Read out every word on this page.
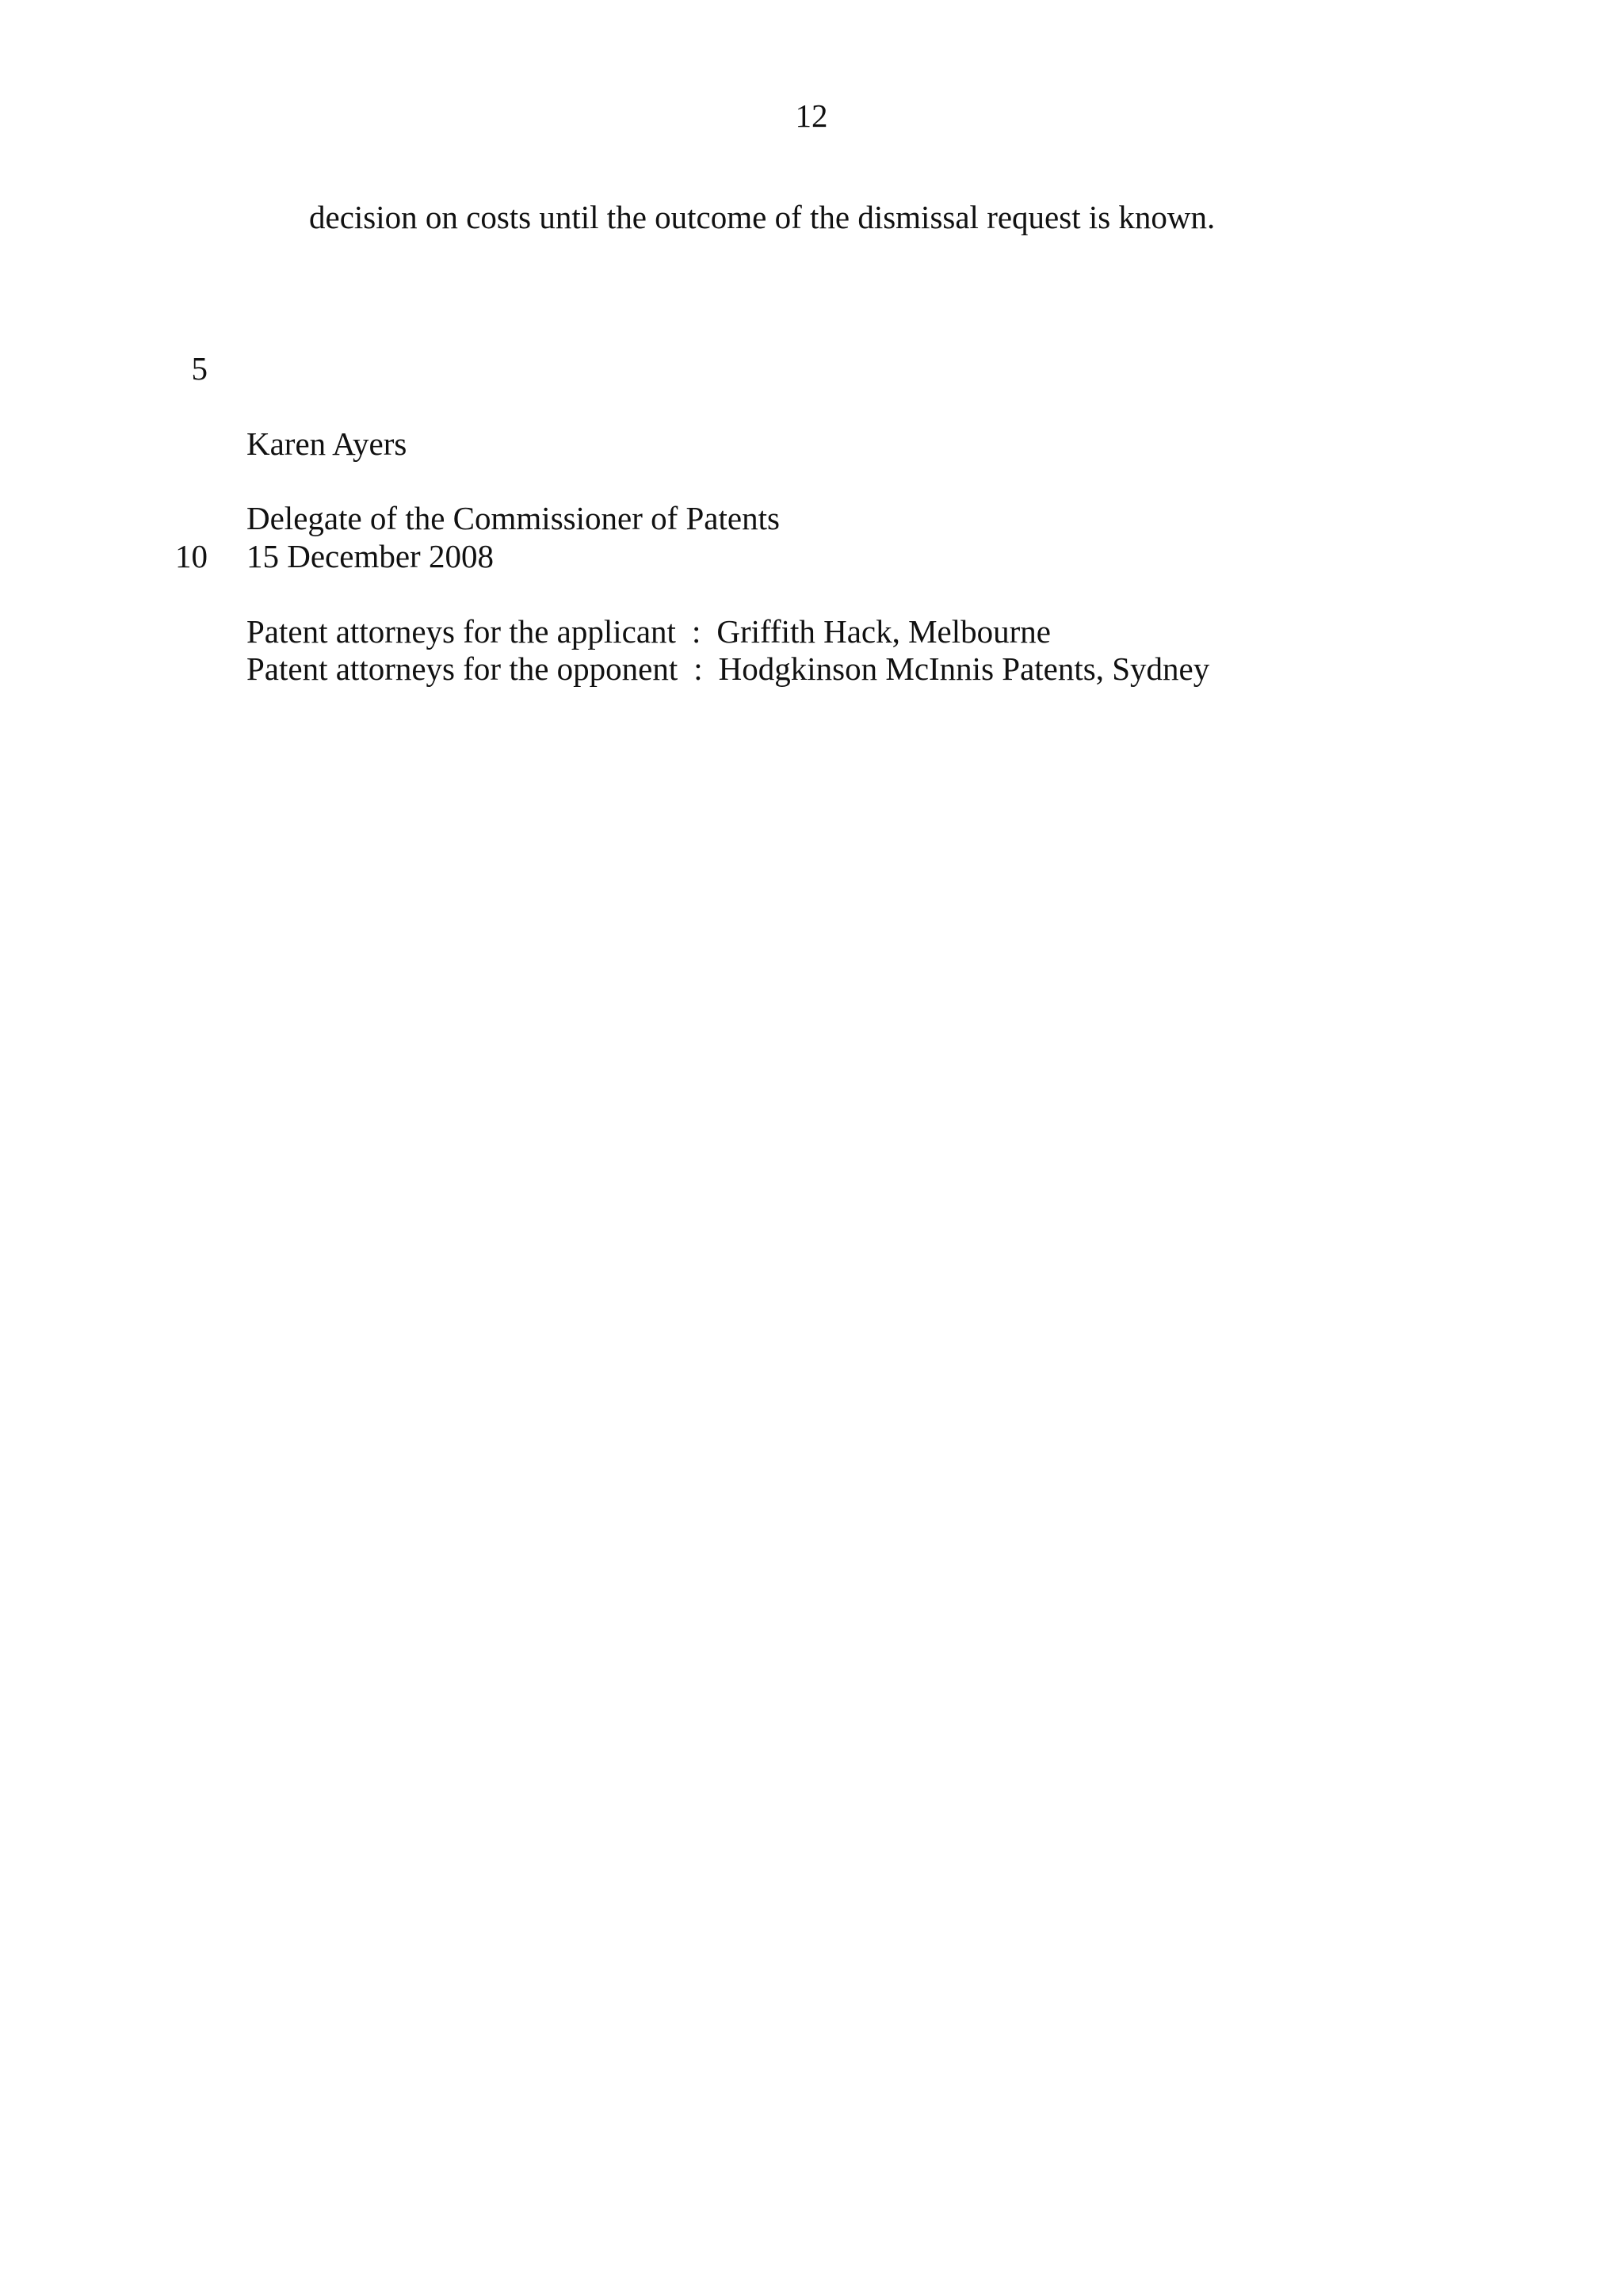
12
decision on costs until the outcome of the dismissal request is known.
5
Karen Ayers
Delegate of the Commissioner of Patents
10 15 December 2008
Patent attorneys for the applicant : Griffith Hack, Melbourne
Patent attorneys for the opponent : Hodgkinson McInnis Patents, Sydney
